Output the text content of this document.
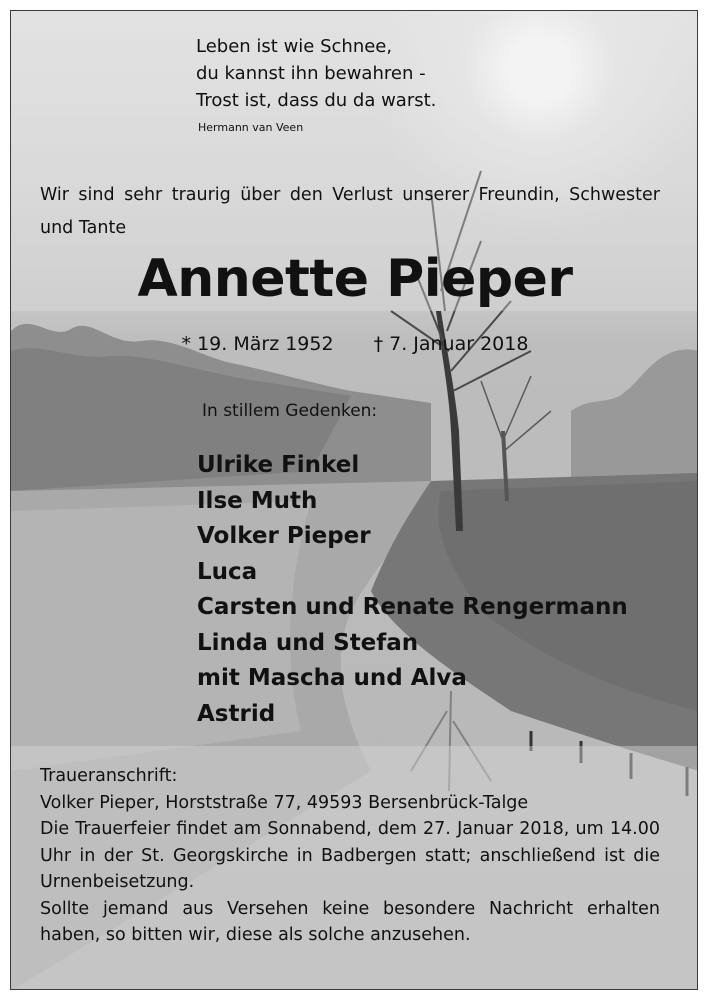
Leben ist wie Schnee,
du kannst ihn bewahren -
Trost ist, dass du da warst.
Hermann van Veen
Wir sind sehr traurig über den Verlust unserer Freundin, Schwester und Tante
Annette Pieper
* 19. März 1952 † 7. Januar 2018
In stillem Gedenken:
Ulrike Finkel
Ilse Muth
Volker Pieper
Luca
Carsten und Renate Rengermann
Linda und Stefan
mit Mascha und Alva
Astrid
Traueranschrift:
Volker Pieper, Horststraße 77, 49593 Bersenbrück-Talge

Die Trauerfeier findet am Sonnabend, dem 27. Januar 2018, um 14.00 Uhr in der St. Georgskirche in Badbergen statt; anschließend ist die Urnenbeisetzung.

Sollte jemand aus Versehen keine besondere Nachricht erhalten haben, so bitten wir, diese als solche anzusehen.
